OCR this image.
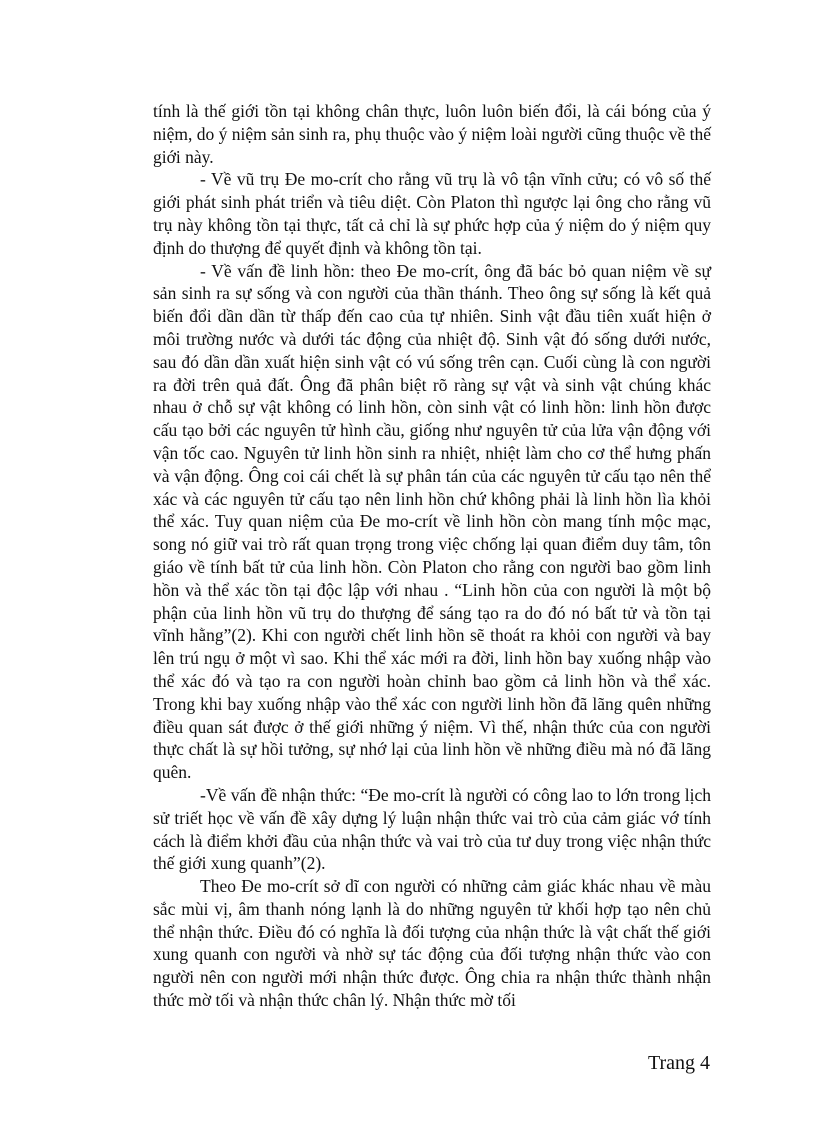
tính là thế giới tồn tại không chân thực, luôn luôn biến đổi, là cái bóng của ý niệm, do ý niệm sản sinh ra, phụ thuộc vào ý niệm loài người cũng thuộc về thế giới này.

- Về vũ trụ Đe mo-crít cho rằng vũ trụ là vô tận vĩnh cửu; có vô số thế giới phát sinh phát triển và tiêu diệt. Còn Platon thì ngược lại ông cho rằng vũ trụ này không tồn tại thực, tất cả chỉ là sự phức hợp của ý niệm do ý niệm quy định do thượng để quyết định và không tồn tại.

- Về vấn đề linh hồn: theo Đe mo-crít, ông đã bác bỏ quan niệm về sự sản sinh ra sự sống và con người của thần thánh. Theo ông sự sống là kết quả biến đổi dần dần từ thấp đến cao của tự nhiên. Sinh vật đầu tiên xuất hiện ở môi trường nước và dưới tác động của nhiệt độ. Sinh vật đó sống dưới nước, sau đó dần dần xuất hiện sinh vật có vú sống trên cạn. Cuối cùng là con người ra đời trên quả đất. Ông đã phân biệt rõ ràng sự vật và sinh vật chúng khác nhau ở chỗ sự vật không có linh hồn, còn sinh vật có linh hồn: linh hồn được cấu tạo bởi các nguyên tử hình cầu, giống như nguyên tử của lửa vận động với vận tốc cao. Nguyên tử linh hồn sinh ra nhiệt, nhiệt làm cho cơ thể hưng phấn và vận động. Ông coi cái chết là sự phân tán của các nguyên tử cấu tạo nên thể xác và các nguyên tử cấu tạo nên linh hồn chứ không phải là linh hồn lìa khỏi thể xác. Tuy quan niệm của Đe mo-crít về linh hồn còn mang tính mộc mạc, song nó giữ vai trò rất quan trọng trong việc chống lại quan điểm duy tâm, tôn giáo về tính bất tử của linh hồn. Còn Platon cho rằng con người bao gồm linh hồn và thể xác tồn tại độc lập với nhau . “Linh hồn của con người là một bộ phận của linh hồn vũ trụ do thượng để sáng tạo ra do đó nó bất tử và tồn tại vĩnh hằng”(2). Khi con người chết linh hồn sẽ thoát ra khỏi con người và bay lên trú ngụ ở một vì sao. Khi thể xác mới ra đời, linh hồn bay xuống nhập vào thể xác đó và tạo ra con người hoàn chỉnh bao gồm cả linh hồn và thể xác. Trong khi bay xuống nhập vào thể xác con người linh hồn đã lãng quên những điều quan sát được ở thế giới những ý niệm. Vì thế, nhận thức của con người thực chất là sự hồi tưởng, sự nhớ lại của linh hồn về những điều mà nó đã lãng quên.

-Về vấn đề nhận thức: “Đe mo-crít là người có công lao to lớn trong lịch sử triết học về vấn đề xây dựng lý luận nhận thức vai trò của cảm giác vớ tính cách là điểm khởi đầu của nhận thức và vai trò của tư duy trong việc nhận thức thế giới xung quanh”(2).

Theo Đe mo-crít sở dĩ con người có những cảm giác khác nhau về màu sắc mùi vị, âm thanh nóng lạnh là do những nguyên tử khối hợp tạo nên chủ thể nhận thức. Điều đó có nghĩa là đối tượng của nhận thức là vật chất thế giới xung quanh con người và nhờ sự tác động của đối tượng nhận thức vào con người nên con người mới nhận thức được. Ông chia ra nhận thức thành nhận thức mờ tối và nhận thức chân lý. Nhận thức mờ tối

Trang 4
